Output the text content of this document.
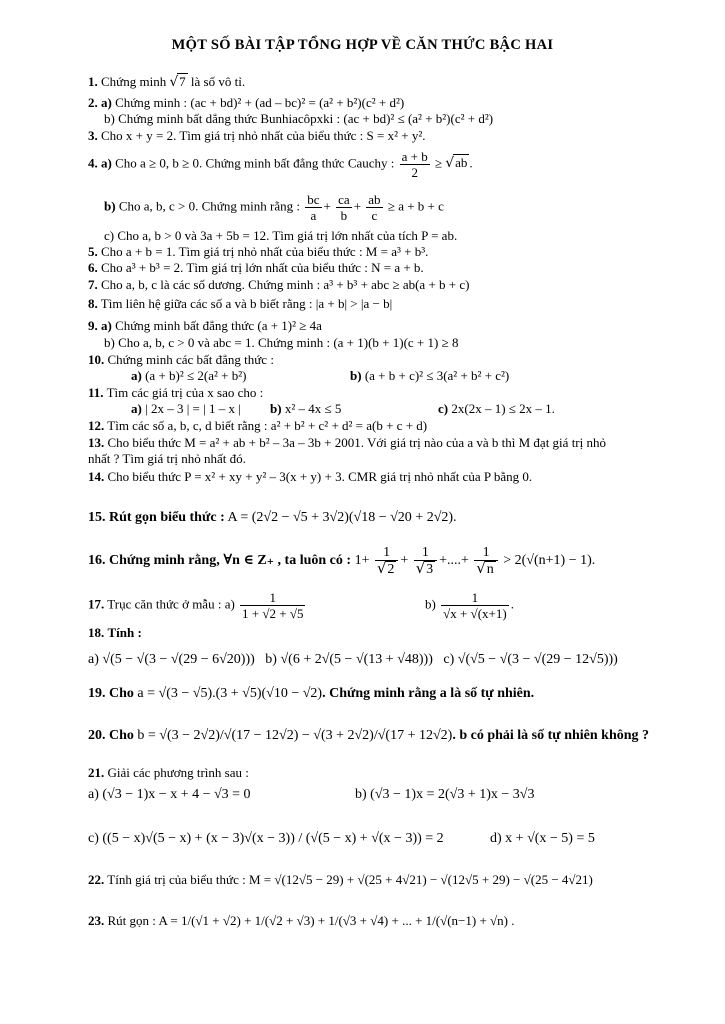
MỘT SỐ BÀI TẬP TỔNG HỢP VỀ CĂN THỨC BẬC HAI
1. Chứng minh √7 là số vô tỉ.
2. a) Chứng minh : (ac + bd)² + (ad – bc)² = (a² + b²)(c² + d²)
b) Chứng minh bất dẳng thức Bunhiacôpxki : (ac + bd)² ≤ (a² + b²)(c² + d²)
3. Cho x + y = 2. Tìm giá trị nhỏ nhất của biểu thức : S = x² + y².
4. a) Cho a ≥ 0, b ≥ 0. Chứng minh bất đẳng thức Cauchy : $\frac{a + b}{2} \ge √ab$ .
b) Cho a, b, c > 0. Chứng minh rằng : $\frac{bc}{a} + \frac{ca}{b} + \frac{ab}{c} \ge a + b + c$
c) Cho a, b > 0 và 3a + 5b = 12. Tìm giá trị lớn nhất của tích P = ab.
5. Cho a + b = 1. Tìm giá trị nhỏ nhất của biểu thức : M = a³ + b³.
6. Cho a³ + b³ = 2. Tìm giá trị lớn nhất của biểu thức : N = a + b.
7. Cho a, b, c là các số dương. Chứng minh : a³ + b³ + abc ≥ ab(a + b + c)
8. Tìm liên hệ giữa các số a và b biết rằng : |a + b| > |a − b|
9. a) Chứng minh bất đẳng thức (a + 1)² ≥ 4a
b) Cho a, b, c > 0 và abc = 1. Chứng minh : (a + 1)(b + 1)(c + 1) ≥ 8
10. Chứng minh các bất đẳng thức :
a) (a + b)² ≤ 2(a² + b²)	b) (a + b + c)² ≤ 3(a² + b² + c²)
11. Tìm các giá trị của x sao cho :
a) | 2x – 3 | = | 1 – x | b) x² – 4x ≤ 5	c) 2x(2x – 1) ≤ 2x – 1.
12. Tìm các số a, b, c, d biết rằng : a² + b² + c² + d² = a(b + c + d)
13. Cho biểu thức M = a² + ab + b² – 3a – 3b + 2001. Với giá trị nào của a và b thì M đạt giá trị nhỏ
nhất ? Tìm giá trị nhỏ nhất đó.
14. Cho biểu thức P = x² + xy + y² – 3(x + y) + 3. CMR giá trị nhỏ nhất của P bằng 0.
15. Rút gọn biểu thức : A = (2√2 − √5 + 3√2)(√18 − √20 + 2√2).
16. Chứng minh rằng, ∀n ∈ Z₊ , ta luôn có : $1+ \frac{1}{√2} + \frac{1}{√3}$ +....+ $\frac{1}{√n} > 2(√(n+1) - 1)$.
17. Trục căn thức ở mẫu : $a) \frac{1}{1 + √2 + √5}$	$b) \frac{1}{√x + √(x+1)}$ .
18. Tính :
a) √(5 − √(3 − √(29 − 6√20))) b) √(6 + 2√(5 − √(13 + √48))) c) √(√5 − √(3 − √(29 − 12√5)))
19. Cho a = √(3 − √5).(3 + √5)(√10 − √2). Chứng minh rằng a là số tự nhiên.
20. Cho b = √(3 − 2√2)/√(17 − 12√2) − √(3 + 2√2)/√(17 + 12√2). b có phải là số tự nhiên không ?
21. Giải các phương trình sau :
a) (√3 − 1)x − x + 4 − √3 = 0	b) (√3 − 1)x = 2(√3 + 1)x − 3√3
c) ((5 − x)√(5 − x) + (x − 3)√(x − 3)) / (√(5 − x) + √(x − 3)) = 2	d) x + √(x − 5) = 5
22. Tính giá trị của biểu thức : M = √(12√5 − 29) + √(25 + 4√21) − √(12√5 + 29) − √(25 − 4√21)
23. Rút gọn : A = 1/(√1 + √2) + 1/(√2 + √3) + 1/(√3 + √4) + ... + 1/(√(n−1) + √n) .
